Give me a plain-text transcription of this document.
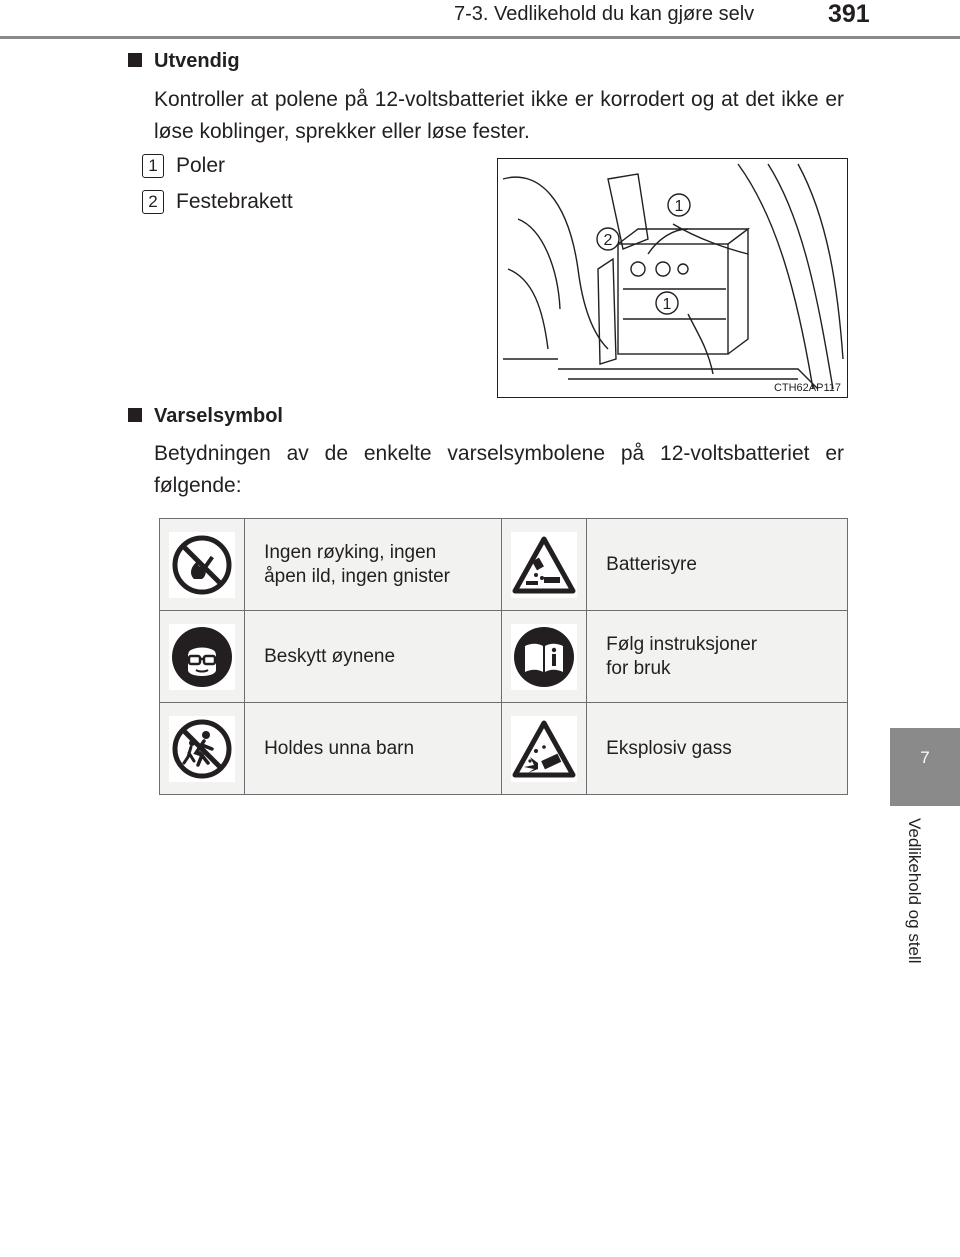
7-3. Vedlikehold du kan gjøre selv	391
7
Vedlikehold og stell
Utvendig
Kontroller at polene på 12-voltsbatteriet ikke er korrodert og at det ikke er løse koblinger, sprekker eller løse fester.
1 Poler
2 Festebrakett	1
2
1
CTH62AP117
Varselsymbol
Betydningen av de enkelte varselsymbolene på 12-voltsbatteriet er følgende:
	Ingen røyking, ingen
åpen ild, ingen gnister		Batterisyre

	Beskytt øynene		Følg instruksjoner
for bruk

	Holdes unna barn		Eksplosiv gass
